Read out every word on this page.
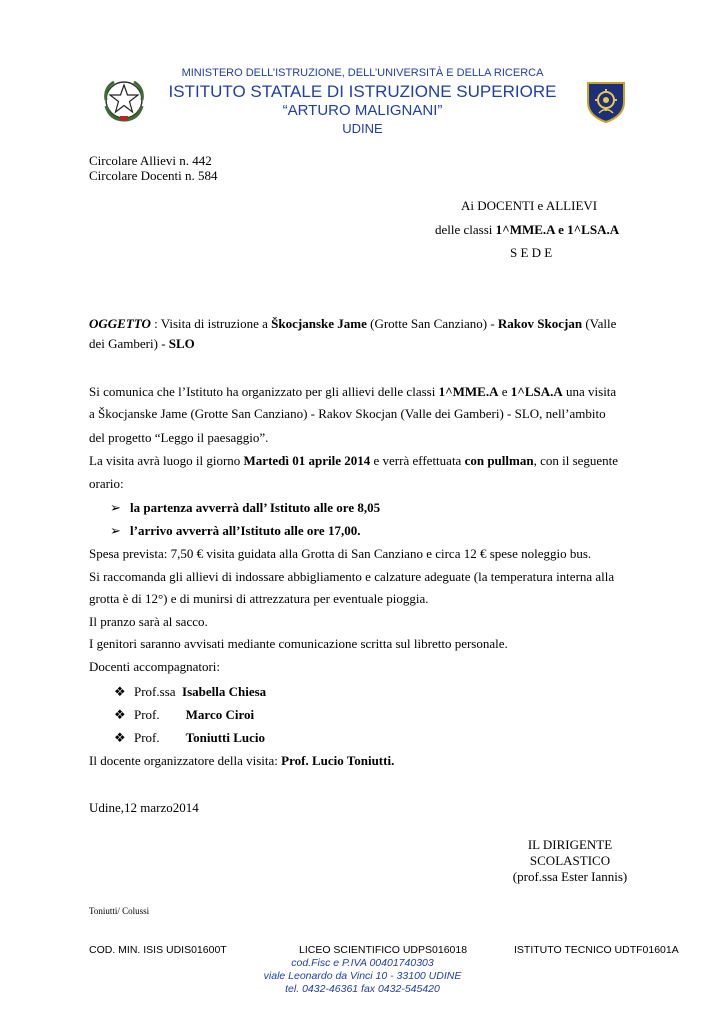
MINISTERO DELL’ISTRUZIONE, DELL’UNIVERSITÀ E DELLA RICERCA
ISTITUTO STATALE DI ISTRUZIONE SUPERIORE
“ARTURO MALIGNANI”
UDINE
Circolare Allievi n. 442
Circolare Docenti n. 584
Ai DOCENTI e ALLIEVI
delle classi 1^MME.A e 1^LSA.A
S E D E
OGGETTO : Visita di istruzione a Škocjanske Jame (Grotte San Canziano) - Rakov Skocjan (Valle
dei Gamberi) - SLO
Si comunica che l’Istituto ha organizzato per gli allievi delle classi 1^MME.A e 1^LSA.A una visita
a Škocjanske Jame (Grotte San Canziano) - Rakov Skocjan (Valle dei Gamberi) - SLO, nell’ambito
del progetto “Leggo il paesaggio”.
La visita avrà luogo il giorno Martedì 01 aprile 2014 e verrà effettuata con pullman, con il seguente
orario:
➢ la partenza avverrà dall’ Istituto alle ore 8,05
➢ l’arrivo avverrà all’Istituto alle ore 17,00.
Spesa prevista: 7,50 € visita guidata alla Grotta di San Canziano e circa 12 € spese noleggio bus.
Si raccomanda gli allievi di indossare abbigliamento e calzature adeguate (la temperatura interna alla
grotta è di 12°) e di munirsi di attrezzatura per eventuale pioggia.
Il pranzo sarà al sacco.
I genitori saranno avvisati mediante comunicazione scritta sul libretto personale.
Docenti accompagnatori:
❖ Prof.ssa  Isabella Chiesa
❖ Prof.        Marco Ciroi
❖ Prof.        Toniutti Lucio
Il docente organizzatore della visita: Prof. Lucio Toniutti.
Udine,12 marzo2014
IL DIRIGENTE
SCOLASTICO
(prof.ssa Ester Iannis)
Toniutti/ Colussi
COD. MIN. ISIS UDIS01600T	LICEO SCIENTIFICO UDPS016018	ISTITUTO TECNICO UDTF01601A
cod.Fisc e P.IVA 00401740303
viale Leonardo da Vinci 10 - 33100 UDINE
tel. 0432-46361 fax 0432-545420
